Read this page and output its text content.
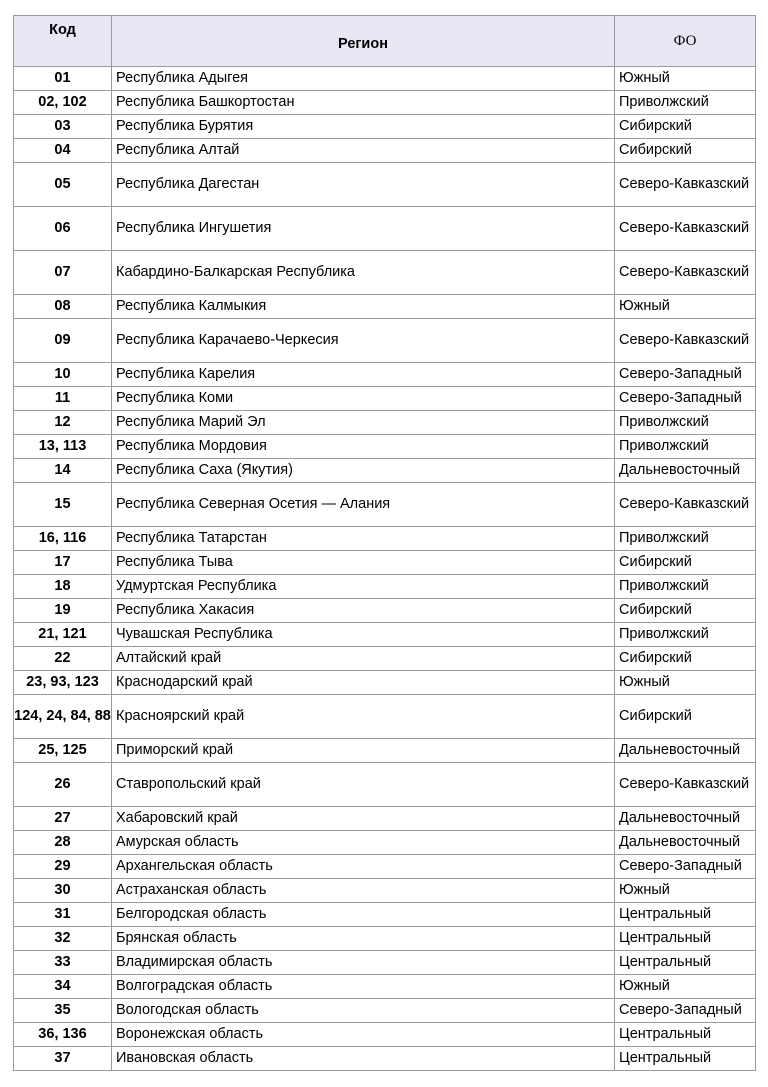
Код	Регион	ФО
01	Республика Адыгея	Южный
02, 102	Республика Башкортостан	Приволжский
03	Республика Бурятия	Сибирский
04	Республика Алтай	Сибирский
05	Республика Дагестан	Северо-Кавказский
06	Республика Ингушетия	Северо-Кавказский
07	Кабардино-Балкарская Республика	Северо-Кавказский
08	Республика Калмыкия	Южный
09	Республика Карачаево-Черкесия	Северо-Кавказский
10	Республика Карелия	Северо-Западный
11	Республика Коми	Северо-Западный
12	Республика Марий Эл	Приволжский
13, 113	Республика Мордовия	Приволжский
14	Республика Саха (Якутия)	Дальневосточный
15	Республика Северная Осетия — Алания	Северо-Кавказский
16, 116	Республика Татарстан	Приволжский
17	Республика Тыва	Сибирский
18	Удмуртская Республика	Приволжский
19	Республика Хакасия	Сибирский
21, 121	Чувашская Республика	Приволжский
22	Алтайский край	Сибирский
23, 93, 123	Краснодарский край	Южный
124, 24, 84, 88	Красноярский край	Сибирский
25, 125	Приморский край	Дальневосточный
26	Ставропольский край	Северо-Кавказский
27	Хабаровский край	Дальневосточный
28	Амурская область	Дальневосточный
29	Архангельская область	Северо-Западный
30	Астраханская область	Южный
31	Белгородская область	Центральный
32	Брянская область	Центральный
33	Владимирская область	Центральный
34	Волгоградская область	Южный
35	Вологодская область	Северо-Западный
36, 136	Воронежская область	Центральный
37	Ивановская область	Центральный
